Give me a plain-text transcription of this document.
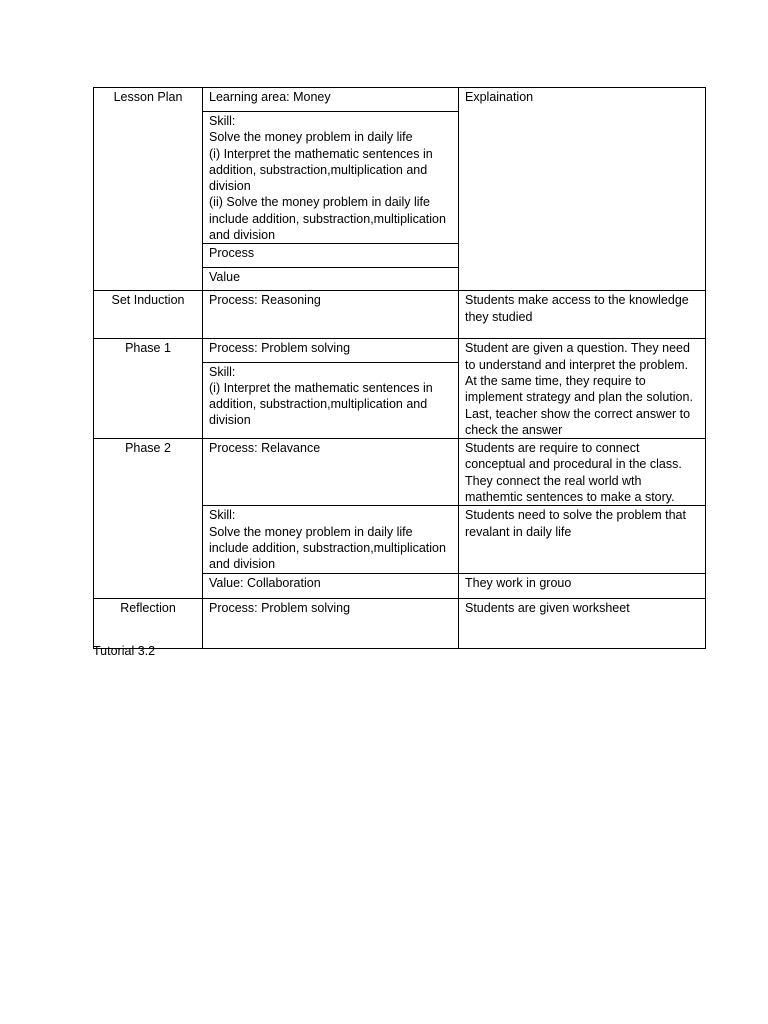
Lesson Plan	Learning area: Money	Explaination
	Skill:
Solve the money problem in daily life
(i) Interpret the mathematic sentences in addition, substraction,multiplication and division
(ii) Solve the money problem in daily life include addition, substraction,multiplication and division	
	Process	
	Value	
Set Induction	Process: Reasoning	Students make access to the knowledge they studied
Phase 1	Process: Problem solving	Student are given a question. They need to understand and interpret the problem. At the same time, they require to implement strategy and plan the solution. Last, teacher show the correct answer to check the answer
	Skill:
(i) Interpret the mathematic sentences in addition, substraction,multiplication and division	
Phase 2	Process: Relavance	Students are require to connect conceptual and procedural in the class. They connect the real world wth mathemtic sentences to make a story.
	Skill:
Solve the money problem in daily life include addition, substraction,multiplication and division	Students need to solve the problem that revalant in daily life
	Value: Collaboration	They work in grouo
Reflection	Process: Problem solving	Students are given worksheet
Tutorial 3.2
